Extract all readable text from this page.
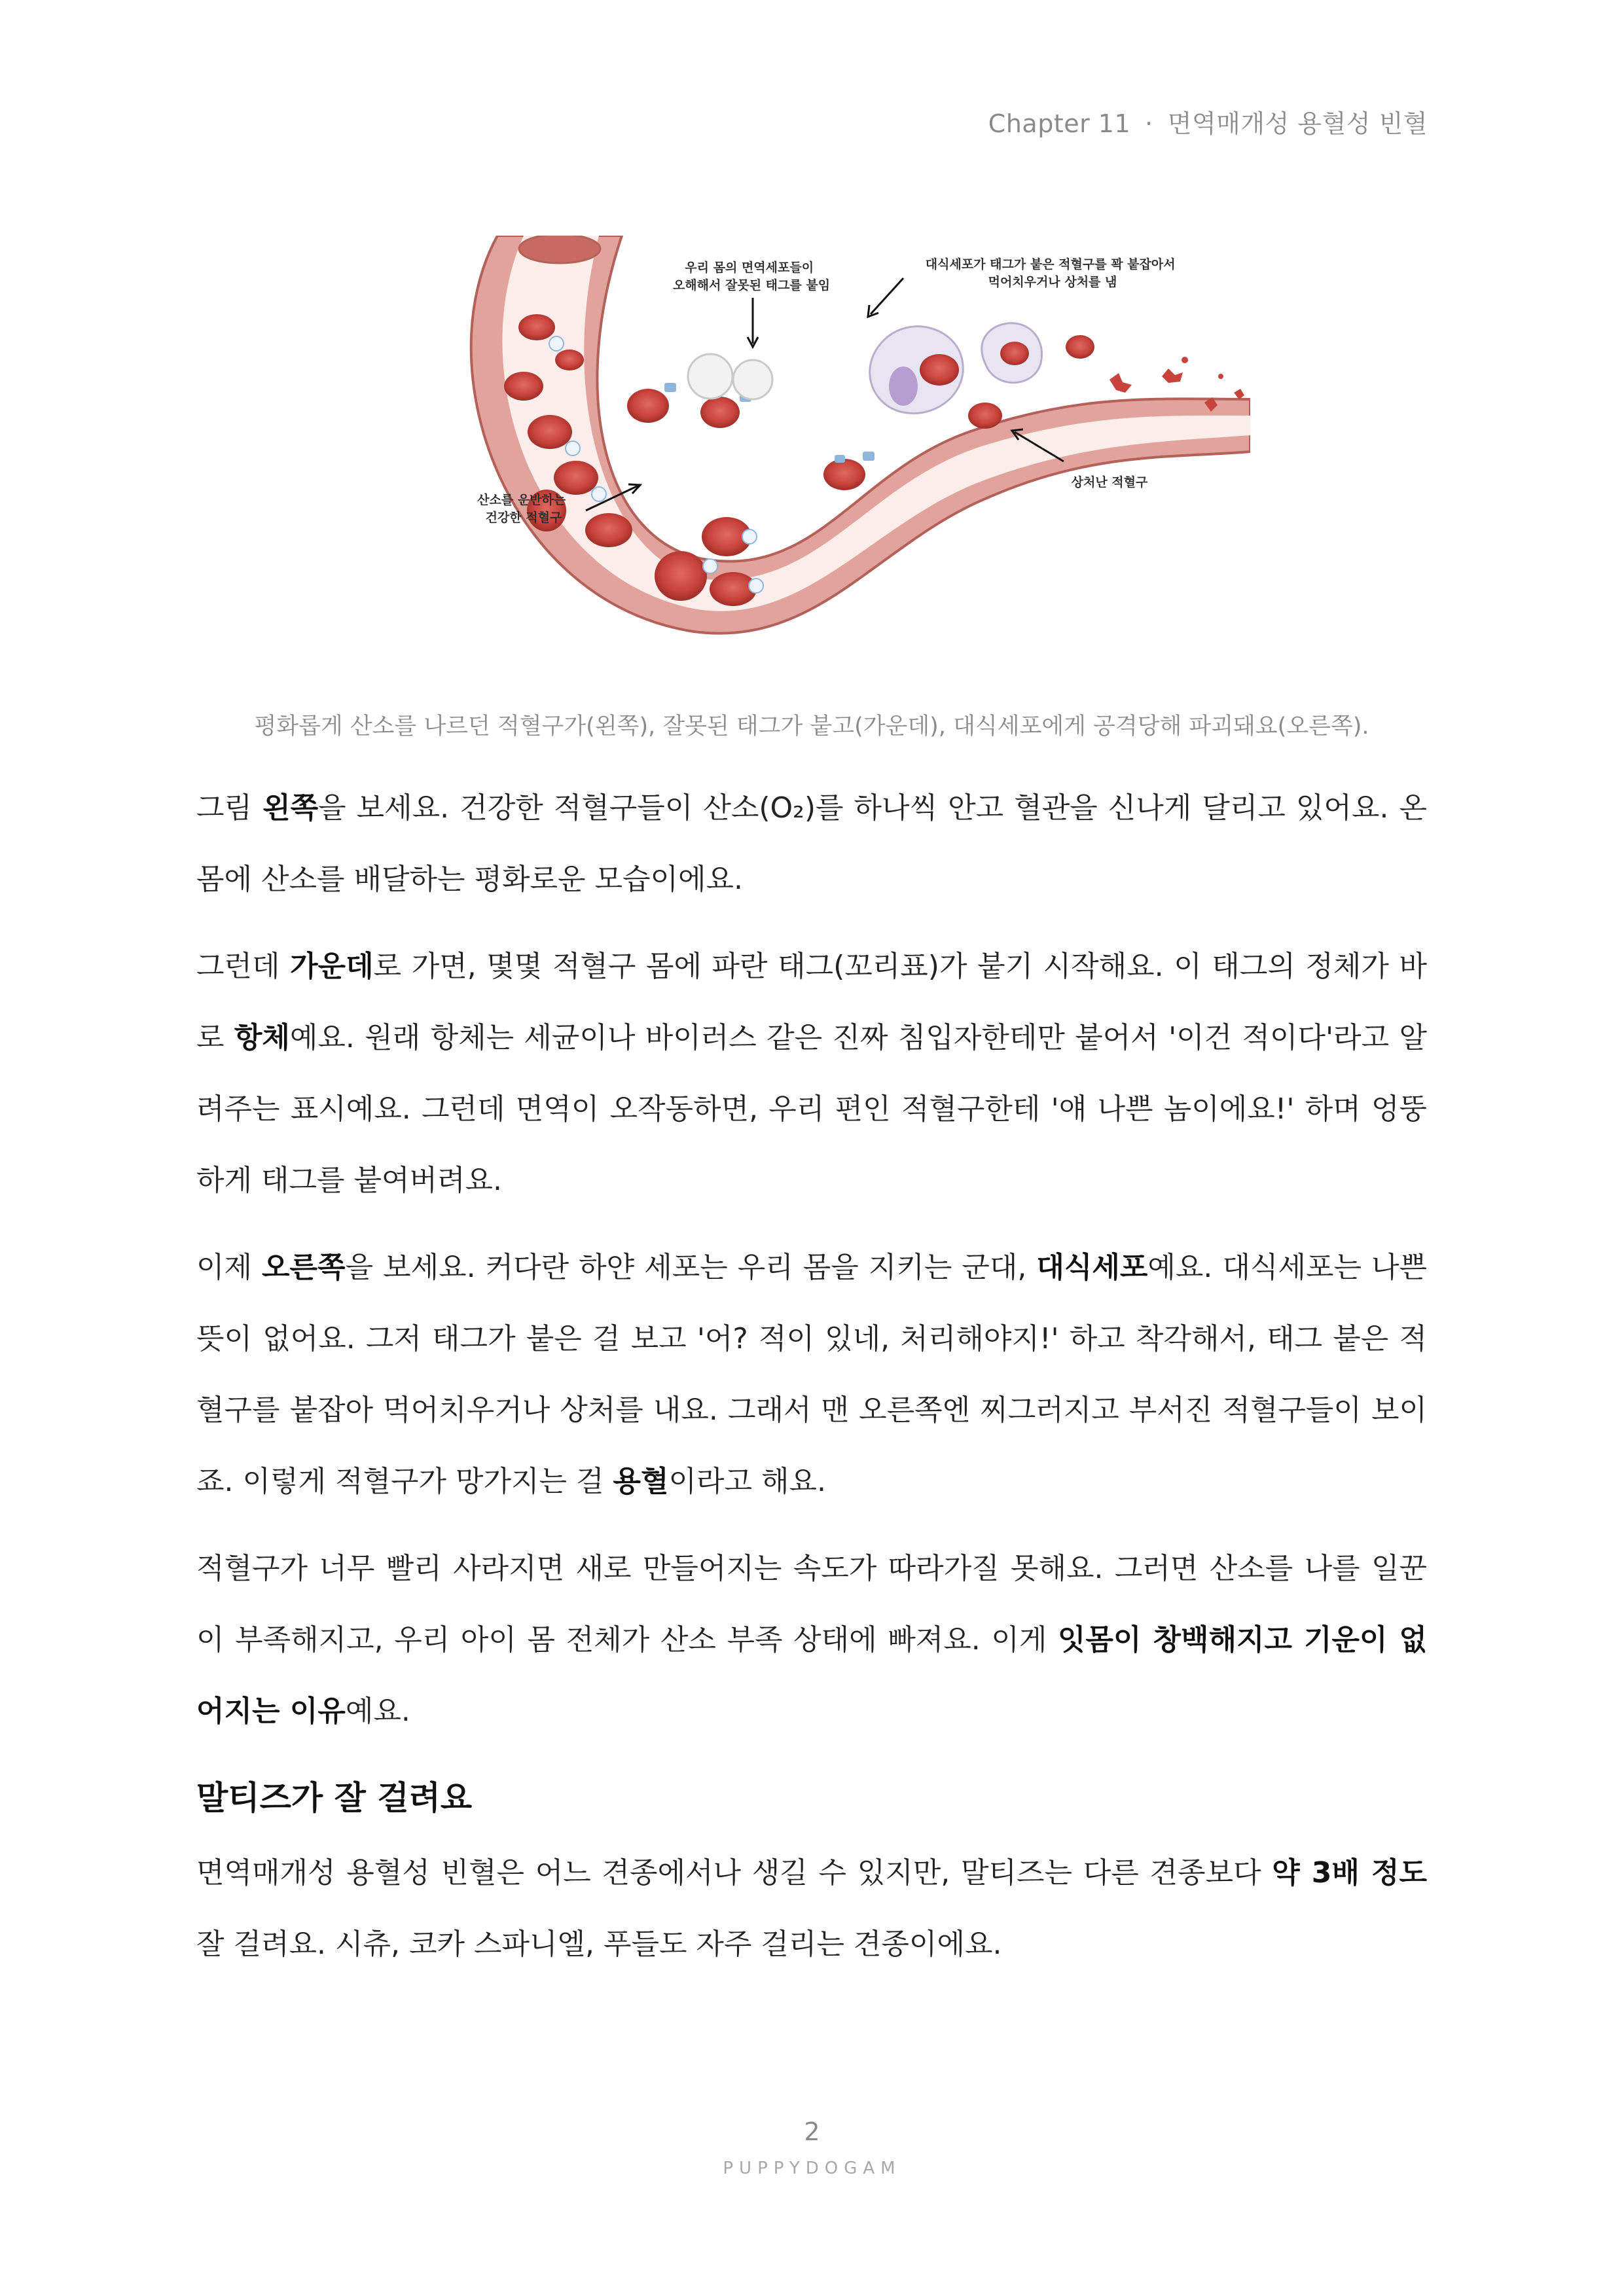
Chapter 11 · 면역매개성 용혈성 빈혈
우리 몸의 면역세포들이 오해해서 잘못된 태그를 붙임
대식세포가 태그가 붙은 적혈구를 꽉 붙잡아서 먹어치우거나 상처를 냄
산소를 운반하는 건강한 적혈구
상처난 적혈구
평화롭게 산소를 나르던 적혈구가(왼쪽), 잘못된 태그가 붙고(가운데), 대식세포에게 공격당해 파괴돼요(오른쪽).

그림 왼쪽을 보세요. 건강한 적혈구들이 산소(O₂)를 하나씩 안고 혈관을 신나게 달리고 있어요. 온몸에 산소를 배달하는 평화로운 모습이에요.

그런데 가운데로 가면, 몇몇 적혈구 몸에 파란 태그(꼬리표)가 붙기 시작해요. 이 태그의 정체가 바로 항체예요. 원래 항체는 세균이나 바이러스 같은 진짜 침입자한테만 붙어서 '이건 적이다'라고 알려주는 표시예요. 그런데 면역이 오작동하면, 우리 편인 적혈구한테 '얘 나쁜 놈이에요!' 하며 엉뚱하게 태그를 붙여버려요.

이제 오른쪽을 보세요. 커다란 하얀 세포는 우리 몸을 지키는 군대, 대식세포예요. 대식세포는 나쁜 뜻이 없어요. 그저 태그가 붙은 걸 보고 '어? 적이 있네, 처리해야지!' 하고 착각해서, 태그 붙은 적혈구를 붙잡아 먹어치우거나 상처를 내요. 그래서 맨 오른쪽엔 찌그러지고 부서진 적혈구들이 보이죠. 이렇게 적혈구가 망가지는 걸 용혈이라고 해요.

적혈구가 너무 빨리 사라지면 새로 만들어지는 속도가 따라가질 못해요. 그러면 산소를 나를 일꾼이 부족해지고, 우리 아이 몸 전체가 산소 부족 상태에 빠져요. 이게 잇몸이 창백해지고 기운이 없어지는 이유예요.

말티즈가 잘 걸려요

면역매개성 용혈성 빈혈은 어느 견종에서나 생길 수 있지만, 말티즈는 다른 견종보다 약 3배 정도 잘 걸려요. 시츄, 코카 스파니엘, 푸들도 자주 걸리는 견종이에요.

2
PUPPYDOGAM
